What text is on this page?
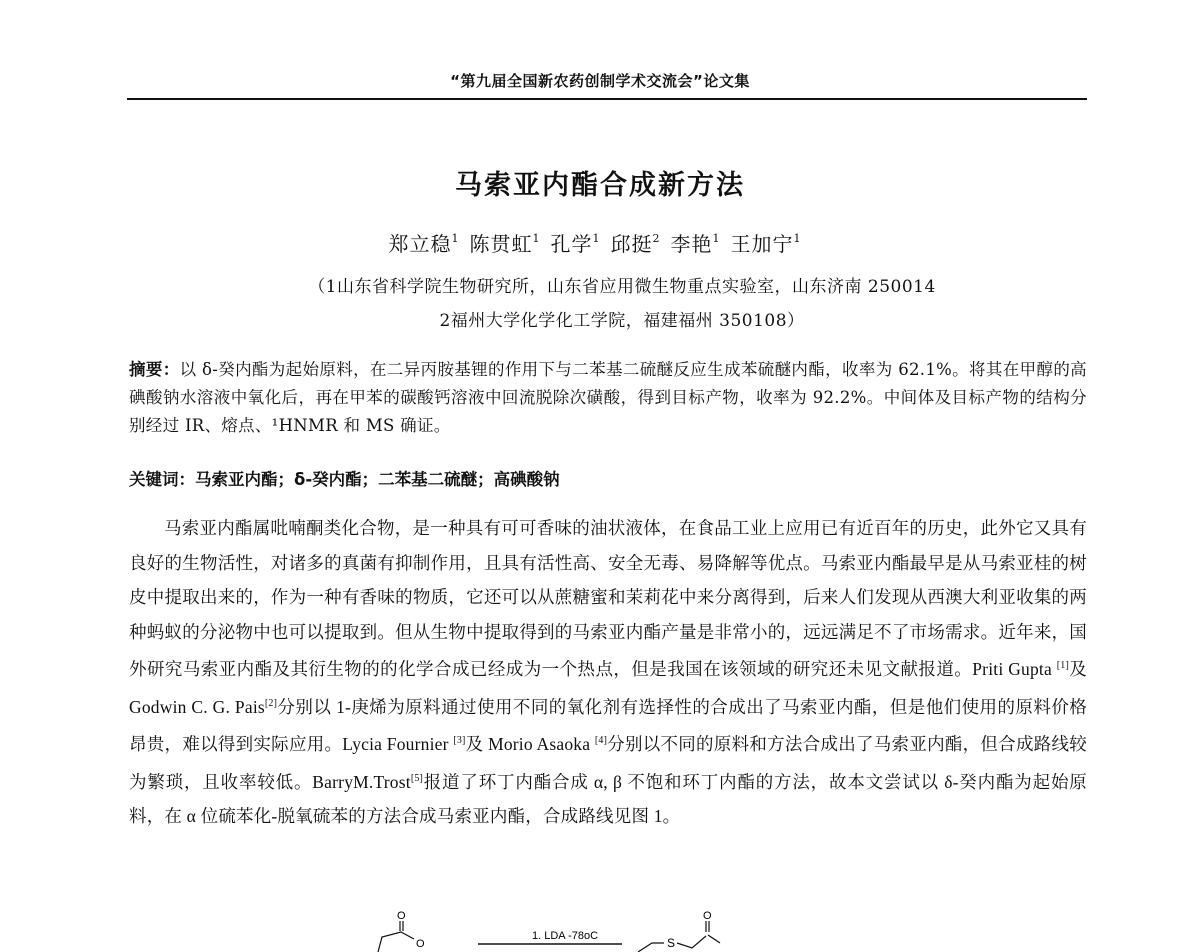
“第九届全国新农药创制学术交流会”论文集
马索亚内酯合成新方法
郑立稳$^1$ 陈贯虹$^1$ 孔学$^1$ 邱挺$^2$ 李艳$^1$ 王加宁$^1$
（1山东省科学院生物研究所，山东省应用微生物重点实验室，山东济南 250014
2福州大学化学化工学院，福建福州 350108）
摘要：以 δ-癸内酯为起始原料，在二异丙胺基锂的作用下与二苯基二硫醚反应生成苯硫醚内酯，收率为 62.1%。将其在甲醇的高碘酸钠水溶液中氧化后，再在甲苯的碳酸钙溶液中回流脱除次磺酸，得到目标产物，收率为 92.2%。中间体及目标产物的结构分别经过 IR、熔点、¹HNMR 和 MS 确证。
关键词：马索亚内酯；δ-癸内酯；二苯基二硫醚；高碘酸钠

马索亚内酯属吡喃酮类化合物，是一种具有可可香味的油状液体，在食品工业上应用已有近百年的历史，此外它又具有良好的生物活性，对诸多的真菌有抑制作用，且具有活性高、安全无毒、易降解等优点。马索亚内酯最早是从马索亚桂的树皮中提取出来的，作为一种有香味的物质，它还可以从蔗糖蜜和茉莉花中来分离得到，后来人们发现从西澳大利亚收集的两种蚂蚁的分泌物中也可以提取到。但从生物中提取得到的马索亚内酯产量是非常小的，远远满足不了市场需求。近年来，国外研究马索亚内酯及其衍生物的的化学合成已经成为一个热点，但是我国在该领域的研究还未见文献报道。Priti Gupta [1]及 Godwin C. G. Pais[2]分别以 1-庚烯为原料通过使用不同的氧化剂有选择性的合成出了马索亚内酯，但是他们使用的原料价格昂贵，难以得到实际应用。Lycia Fournier [3]及 Morio Asaoka [4]分别以不同的原料和方法合成出了马索亚内酯，但合成路线较为繁琐，且收率较低。BarryM.Trost[5]报道了环丁内酯合成 α, β 不饱和环丁内酯的方法，故本文尝试以 δ-癸内酯为起始原料，在 α 位硫苯化-脱氧硫苯的方法合成马索亚内酯，合成路线见图 1。

O
O
1. LDA -78oC	S
O
